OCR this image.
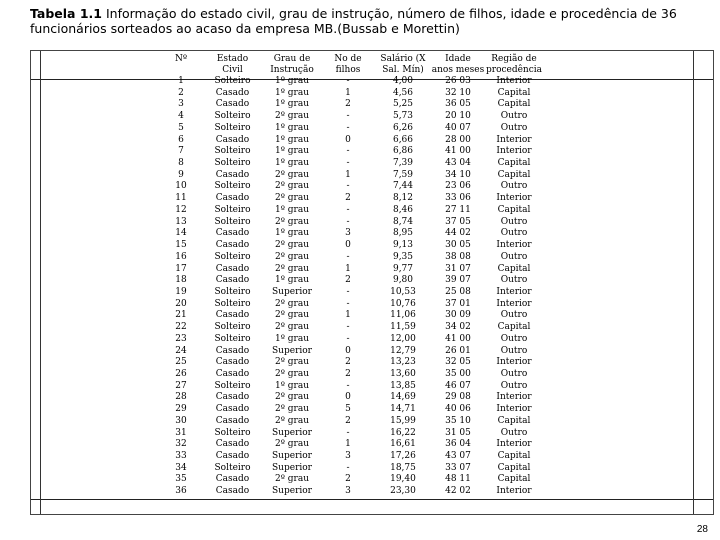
Tabela 1.1 Informação do estado civil, grau de instrução, número de filhos, idade e procedência de 36 funcionários sorteados ao acaso da empresa MB.(Bussab e Morettin)
Nº	Estado	Grau de	No de	Salário (X	Idade	Região de
	Civil	Instrução	filhos	Sal. Mín)	anos meses	procedência
1	Solteiro	1º grau	-	4,00	26 03	Interior
2	Casado	1º grau	1	4,56	32 10	Capital
3	Casado	1º grau	2	5,25	36 05	Capital
4	Solteiro	2º grau	-	5,73	20 10	Outro
5	Solteiro	1º grau	-	6,26	40 07	Outro
6	Casado	1º grau	0	6,66	28 00	Interior
7	Solteiro	1º grau	-	6,86	41 00	Interior
8	Solteiro	1º grau	-	7,39	43 04	Capital
9	Casado	2º grau	1	7,59	34 10	Capital
10	Solteiro	2º grau	-	7,44	23 06	Outro
11	Casado	2º grau	2	8,12	33 06	Interior
12	Solteiro	1º grau	-	8,46	27 11	Capital
13	Solteiro	2º grau	-	8,74	37 05	Outro
14	Casado	1º grau	3	8,95	44 02	Outro
15	Casado	2º grau	0	9,13	30 05	Interior
16	Solteiro	2º grau	-	9,35	38 08	Outro
17	Casado	2º grau	1	9,77	31 07	Capital
18	Casado	1º grau	2	9,80	39 07	Outro
19	Solteiro	Superior	-	10,53	25 08	Interior
20	Solteiro	2º grau	-	10,76	37 01	Interior
21	Casado	2º grau	1	11,06	30 09	Outro
22	Solteiro	2º grau	-	11,59	34 02	Capital
23	Solteiro	1º grau	-	12,00	41 00	Outro
24	Casado	Superior	0	12,79	26 01	Outro
25	Casado	2º grau	2	13,23	32 05	Interior
26	Casado	2º grau	2	13,60	35 00	Outro
27	Solteiro	1º grau	-	13,85	46 07	Outro
28	Casado	2º grau	0	14,69	29 08	Interior
29	Casado	2º grau	5	14,71	40 06	Interior
30	Casado	2º grau	2	15,99	35 10	Capital
31	Solteiro	Superior	-	16,22	31 05	Outro
32	Casado	2º grau	1	16,61	36 04	Interior
33	Casado	Superior	3	17,26	43 07	Capital
34	Solteiro	Superior	-	18,75	33 07	Capital
35	Casado	2º grau	2	19,40	48 11	Capital
36	Casado	Superior	3	23,30	42 02	Interior
28
